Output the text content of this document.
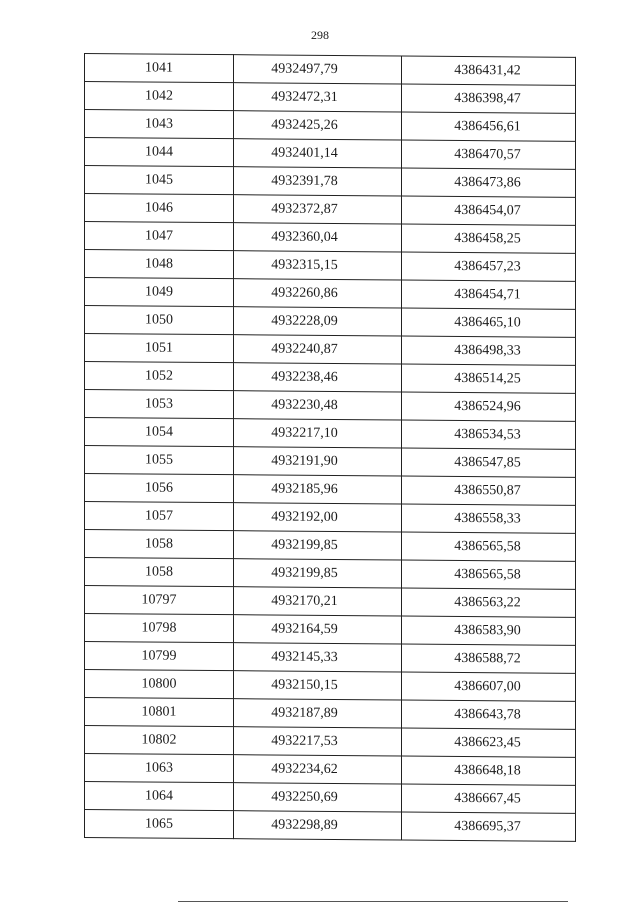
298
1041	4932497,79	4386431,42
1042	4932472,31	4386398,47
1043	4932425,26	4386456,61
1044	4932401,14	4386470,57
1045	4932391,78	4386473,86
1046	4932372,87	4386454,07
1047	4932360,04	4386458,25
1048	4932315,15	4386457,23
1049	4932260,86	4386454,71
1050	4932228,09	4386465,10
1051	4932240,87	4386498,33
1052	4932238,46	4386514,25
1053	4932230,48	4386524,96
1054	4932217,10	4386534,53
1055	4932191,90	4386547,85
1056	4932185,96	4386550,87
1057	4932192,00	4386558,33
1058	4932199,85	4386565,58
1058	4932199,85	4386565,58
10797	4932170,21	4386563,22
10798	4932164,59	4386583,90
10799	4932145,33	4386588,72
10800	4932150,15	4386607,00
10801	4932187,89	4386643,78
10802	4932217,53	4386623,45
1063	4932234,62	4386648,18
1064	4932250,69	4386667,45
1065	4932298,89	4386695,37
